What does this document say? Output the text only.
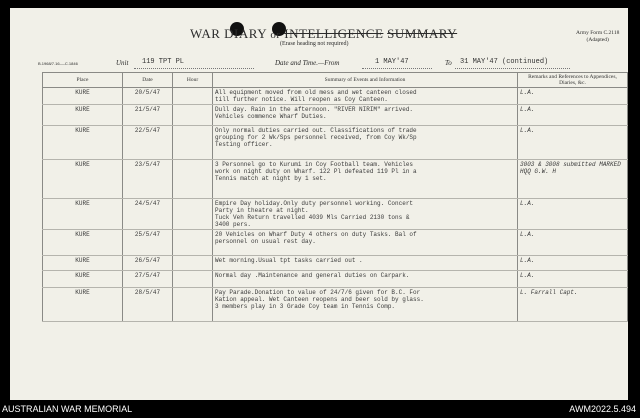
WAR DIARY or INTELLIGENCE SUMMARY
(Erase heading not required)
Army Form C.2118
(Adapted)
B.1968/7.16-—C.1846	Unit 119 TPT PL	Date and Time.—From	1 MAY'47	To 31 MAY'47 (continued)
Place	Date	Hour	Summary of Events and Information	Remarks and References to Appendices, Diaries, &c.
KURE	20/5/47		All equipment moved from old mess and wet canteen closed
till further notice. Will reopen as Coy Canteen.	L.A.
KURE	21/5/47		Dull day. Rain in the afternoon. "RIVER NIRIM" arrived.
Vehicles commence Wharf Duties.	L.A.
KURE	22/5/47		Only normal duties carried out. Classifications of trade
grouping for 2 Wk/Sps personnel received, from Coy Wk/Sp
Testing officer.	L.A.
KURE	23/5/47		3 Personnel go to Kurumi in Coy Football team. Vehicles
work on night duty on Wharf. 122 Pl defeated 119 Pl in a
Tennis match at night by 1 set.	3003 & 3008 submitted MARKED HQQ G.W. H
KURE	24/5/47		Empire Day holiday.Only duty personnel working. Concert
Party in theatre at night.
Tuck Veh Return travelled 4039 Mls Carried 2130 tons &
3400 pers.	L.A.
KURE	25/5/47		20 Vehicles on Wharf Duty 4 others on duty Tasks. Bal of
personnel on usual rest day.	L.A.
KURE	26/5/47		Wet morning.Usual tpt tasks carried out .	L.A.
KURE	27/5/47		Normal day .Maintenance and general duties on Carpark.	L.A.
KURE	28/5/47		Pay Parade.Donation to value of 24/7/6 given for B.C. For
Kation appeal. Wet Canteen reopens and beer sold by glass.
3 members play in 3 Grade Coy team in Tennis Comp.	L. Farrall Capt.
AUSTRALIAN WAR MEMORIAL	AWM2022.5.494
